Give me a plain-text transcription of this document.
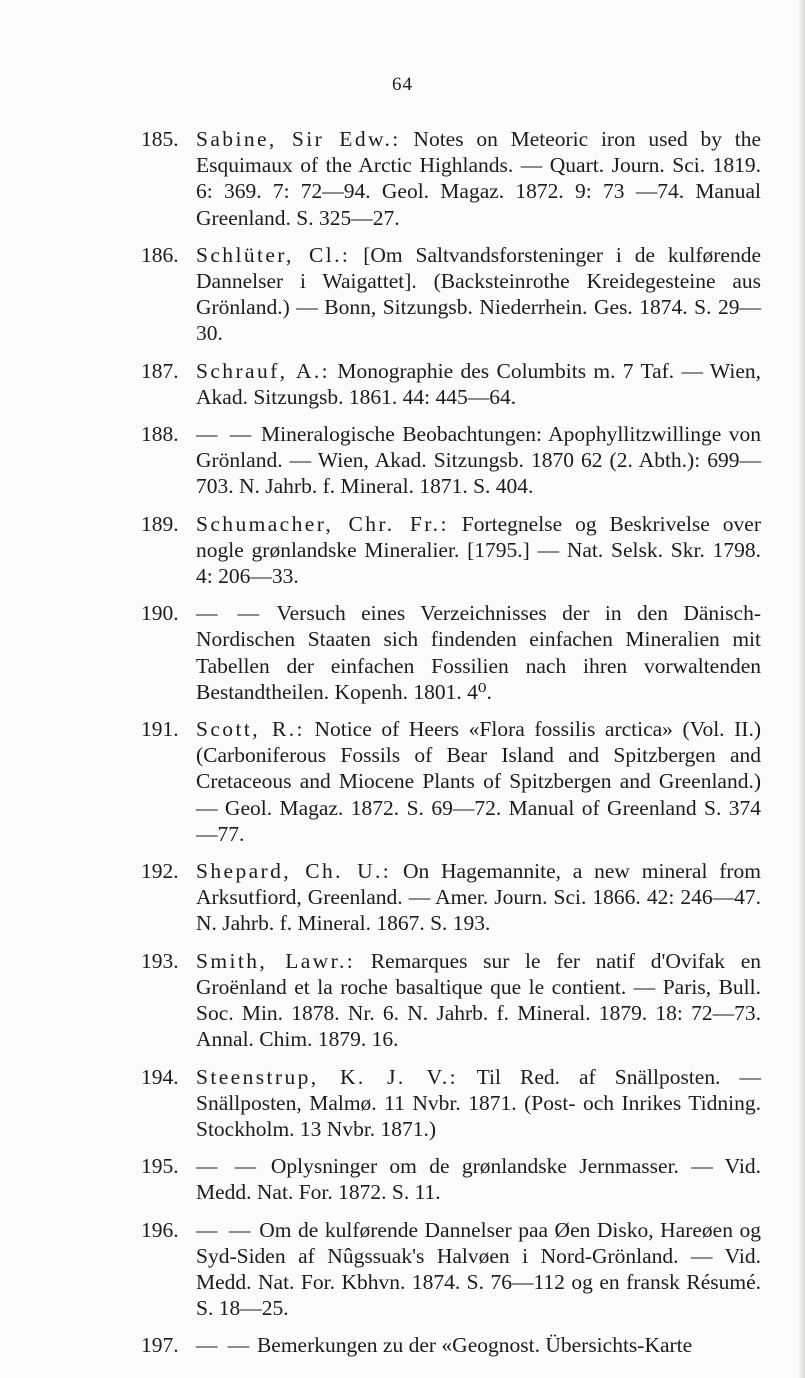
64
185. Sabine, Sir Edw.: Notes on Meteoric iron used by the Esquimaux of the Arctic Highlands. — Quart. Journ. Sci. 1819. 6: 369. 7: 72—94. Geol. Magaz. 1872. 9: 73 —74. Manual Greenland. S. 325—27.
186. Schlüter, Cl.: [Om Saltvandsforsteninger i de kulførende Dannelser i Waigattet]. (Backsteinrothe Kreidegesteine aus Grönland.) — Bonn, Sitzungsb. Niederrhein. Ges. 1874. S. 29—30.
187. Schrauf, A.: Monographie des Columbits m. 7 Taf. — Wien, Akad. Sitzungsb. 1861. 44: 445—64.
188. — — Mineralogische Beobachtungen: Apophyllitzwillinge von Grönland. — Wien, Akad. Sitzungsb. 1870 62 (2. Abth.): 699—703. N. Jahrb. f. Mineral. 1871. S. 404.
189. Schumacher, Chr. Fr.: Fortegnelse og Beskrivelse over nogle grønlandske Mineralier. [1795.] — Nat. Selsk. Skr. 1798. 4: 206—33.
190. — — Versuch eines Verzeichnisses der in den Dänisch-Nordischen Staaten sich findenden einfachen Mineralien mit Tabellen der einfachen Fossilien nach ihren vorwaltenden Bestandtheilen. Kopenh. 1801. 4⁰.
191. Scott, R.: Notice of Heers «Flora fossilis arctica» (Vol. II.) (Carboniferous Fossils of Bear Island and Spitzbergen and Cretaceous and Miocene Plants of Spitzbergen and Greenland.) — Geol. Magaz. 1872. S. 69—72. Manual of Greenland S. 374—77.
192. Shepard, Ch. U.: On Hagemannite, a new mineral from Arksutfiord, Greenland. — Amer. Journ. Sci. 1866. 42: 246—47. N. Jahrb. f. Mineral. 1867. S. 193.
193. Smith, Lawr.: Remarques sur le fer natif d'Ovifak en Groënland et la roche basaltique que le contient. — Paris, Bull. Soc. Min. 1878. Nr. 6. N. Jahrb. f. Mineral. 1879. 18: 72—73. Annal. Chim. 1879. 16.
194. Steenstrup, K. J. V.: Til Red. af Snällposten. — Snällposten, Malmø. 11 Nvbr. 1871. (Post- och Inrikes Tidning. Stockholm. 13 Nvbr. 1871.)
195. — — Oplysninger om de grønlandske Jernmasser. — Vid. Medd. Nat. For. 1872. S. 11.
196. — — Om de kulførende Dannelser paa Øen Disko, Hareøen og Syd-Siden af Nûgssuak's Halvøen i Nord-Grönland. — Vid. Medd. Nat. For. Kbhvn. 1874. S. 76—112 og en fransk Résumé. S. 18—25.
197. — — Bemerkungen zu der «Geognost. Übersichts-Karte
